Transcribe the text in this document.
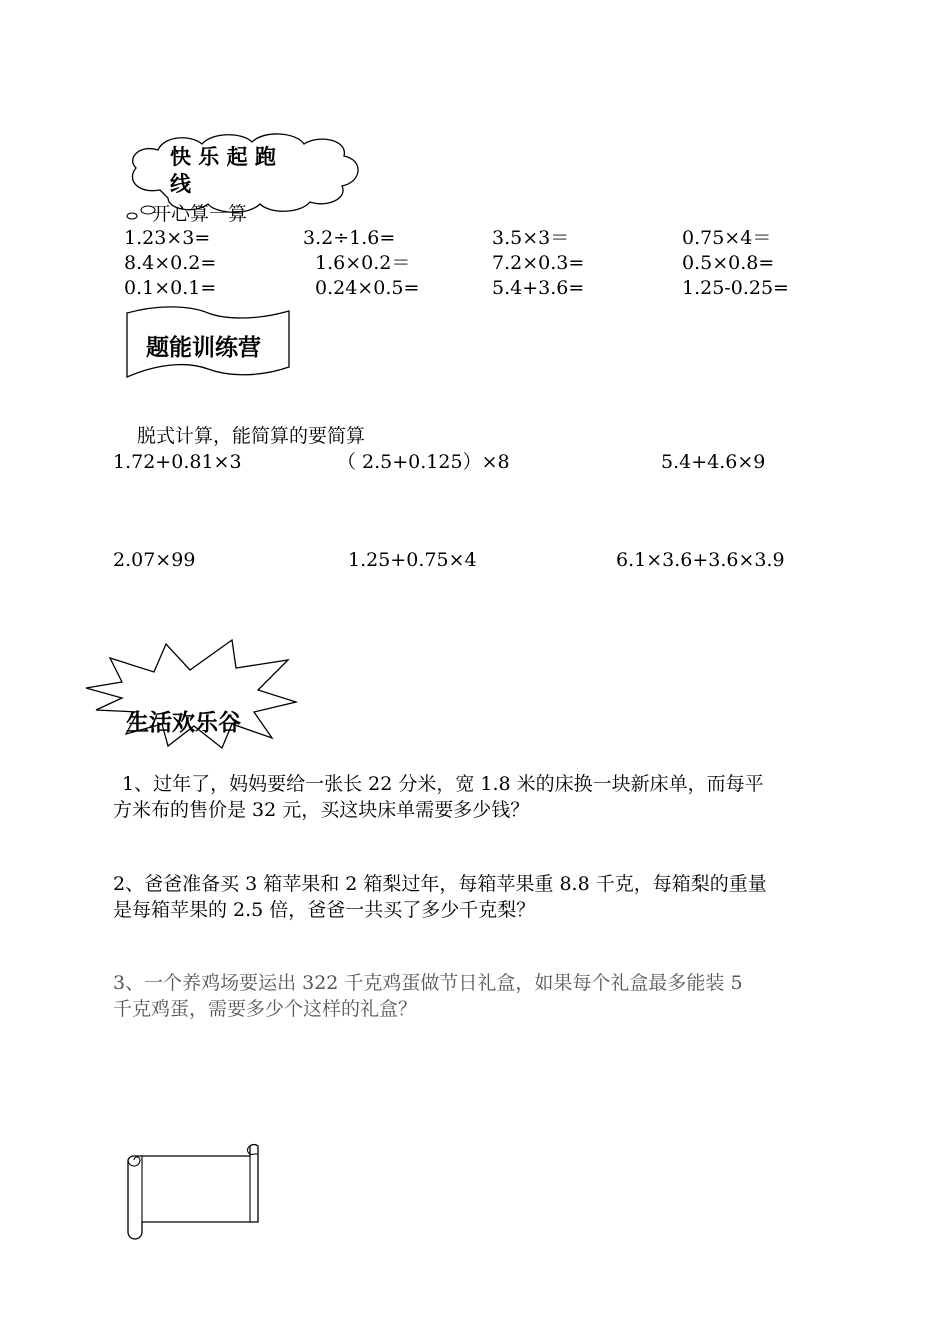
快 乐 起 跑
线
开心算一算
1.23×3=	3.2÷1.6=	3.5×3＝	0.75×4＝
8.4×0.2=	1.6×0.2＝	7.2×0.3=	0.5×0.8=
0.1×0.1=	0.24×0.5=	5.4+3.6=	1.25-0.25=
题能训练营
脱式计算，能简算的要简算
1.72+0.81×3	（ 2.5+0.125）×8	5.4+4.6×9
2.07×99	1.25+0.75×4	6.1×3.6+3.6×3.9
生活欢乐谷
1、过年了，妈妈要给一张长 22 分米，宽 1.8 米的床换一块新床单，而每平
方米布的售价是 32 元，买这块床单需要多少钱？
2、爸爸准备买 3 箱苹果和 2 箱梨过年，每箱苹果重 8.8 千克，每箱梨的重量
是每箱苹果的 2.5 倍，爸爸一共买了多少千克梨？
3、一个养鸡场要运出 322 千克鸡蛋做节日礼盒，如果每个礼盒最多能装 5
千克鸡蛋，需要多少个这样的礼盒？
